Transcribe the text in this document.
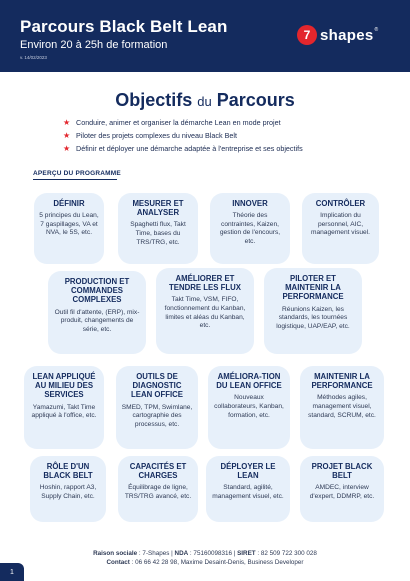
Parcours Black Belt Lean
Environ 20 à 25h de formation
v. 14/02/2023
7 shapes ®
Objectifs du Parcours
★ Conduire, animer et organiser la démarche Lean en mode projet
★ Piloter des projets complexes du niveau Black Belt
★ Définir et déployer une démarche adaptée à l'entreprise et ses objectifs
APERÇU DU PROGRAMME
DÉFINIR
5 principes du Lean, 7 gaspillages, VA et NVA, le 5S, etc.
MESURER ET ANALYSER
Spaghetti flux, Takt Time, bases du TRS/TRG, etc.
INNOVER
Théorie des contraintes, Kaizen, gestion de l'encours, etc.
CONTRÔLER
Implication du personnel, AIC, management visuel.
PRODUCTION ET COMMANDES COMPLEXES
Outil fil d'attente, (ERP), mix-produit, changements de série, etc.
AMÉLIORER ET TENDRE LES FLUX
Takt Time, VSM, FIFO, fonctionnement du Kanban, limites et aléas du Kanban, etc.
PILOTER ET MAINTENIR LA PERFORMANCE
Réunions Kaizen, les standards, les tournées logistique, UAP/EAP, etc.
LEAN APPLIQUÉ AU MILIEU DES SERVICES
Yamazumi, Takt Time appliqué à l'office, etc.
OUTILS DE DIAGNOSTIC LEAN OFFICE
SMED, TPM, Swimlane, cartographie des processus, etc.
AMÉLIORA-TION DU LEAN OFFICE
Nouveaux collaborateurs, Kanban, formation, etc.
MAINTENIR LA PERFORMANCE
Méthodes agiles, management visuel, standard, SCRUM, etc.
RÔLE D'UN BLACK BELT
Hoshin, rapport A3, Supply Chain, etc.
CAPACITÉS ET CHARGES
Équilibrage de ligne, TRS/TRG avancé, etc.
DÉPLOYER LE LEAN
Standard, agilité, management visuel, etc.
PROJET BLACK BELT
AMDEC, interview d'expert, DDMRP, etc.
Raison sociale : 7-Shapes | NDA : 75160098316 | SIRET : 82 509 722 300 028
Contact : 06 66 42 28 98, Maxime Desaint-Denis, Business Developer
1
